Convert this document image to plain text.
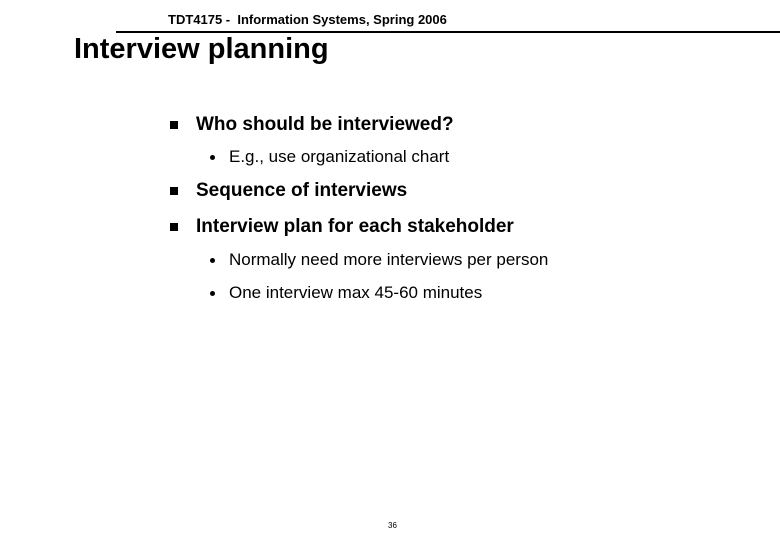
TDT4175 -  Information Systems, Spring 2006
Interview planning
Who should be interviewed?
E.g., use organizational chart
Sequence of interviews
Interview plan for each stakeholder
Normally need more interviews per person
One interview max 45-60 minutes
36
